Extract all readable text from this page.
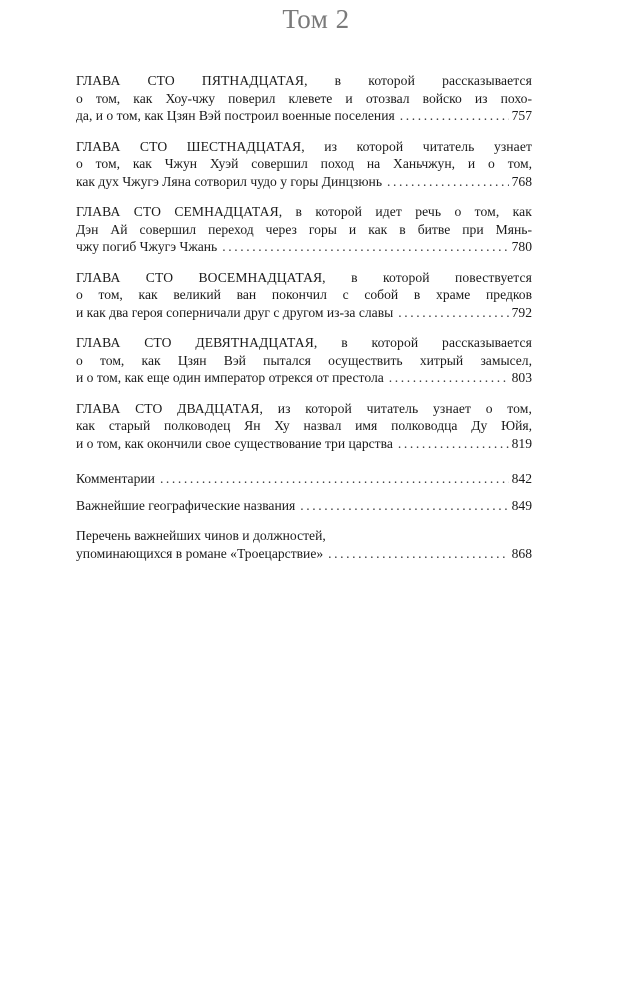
Том 2
ГЛАВА СТО ПЯТНАДЦАТАЯ, в которой рассказывается
о том, как Хоу-чжу поверил клевете и отозвал войско из похо-
да, и о том, как Цзян Вэй построил военные поселения .....	757
ГЛАВА СТО ШЕСТНАДЦАТАЯ, из которой читатель узнает
о том, как Чжун Хуэй совершил поход на Ханьчжун, и о том,
как дух Чжугэ Ляна сотворил чудо у горы Динцзюнь .....	768
ГЛАВА СТО СЕМНАДЦАТАЯ, в которой идет речь о том, как
Дэн Ай совершил переход через горы и как в битве при Мянь-
чжу погиб Чжугэ Чжань .....	780
ГЛАВА СТО ВОСЕМНАДЦАТАЯ, в которой повествуется
о том, как великий ван покончил с собой в храме предков
и как два героя соперничали друг с другом из-за славы .....	792
ГЛАВА СТО ДЕВЯТНАДЦАТАЯ, в которой рассказывается
о том, как Цзян Вэй пытался осуществить хитрый замысел,
и о том, как еще один император отрекся от престола .....	803
ГЛАВА СТО ДВАДЦАТАЯ, из которой читатель узнает о том,
как старый полководец Ян Ху назвал имя полководца Ду Юйя,
и о том, как окончили свое существование три царства .....	819
Комментарии .....	842
Важнейшие географические названия .....	849
Перечень важнейших чинов и должностей,
упоминающихся в романе «Троецарствие» .....	868
